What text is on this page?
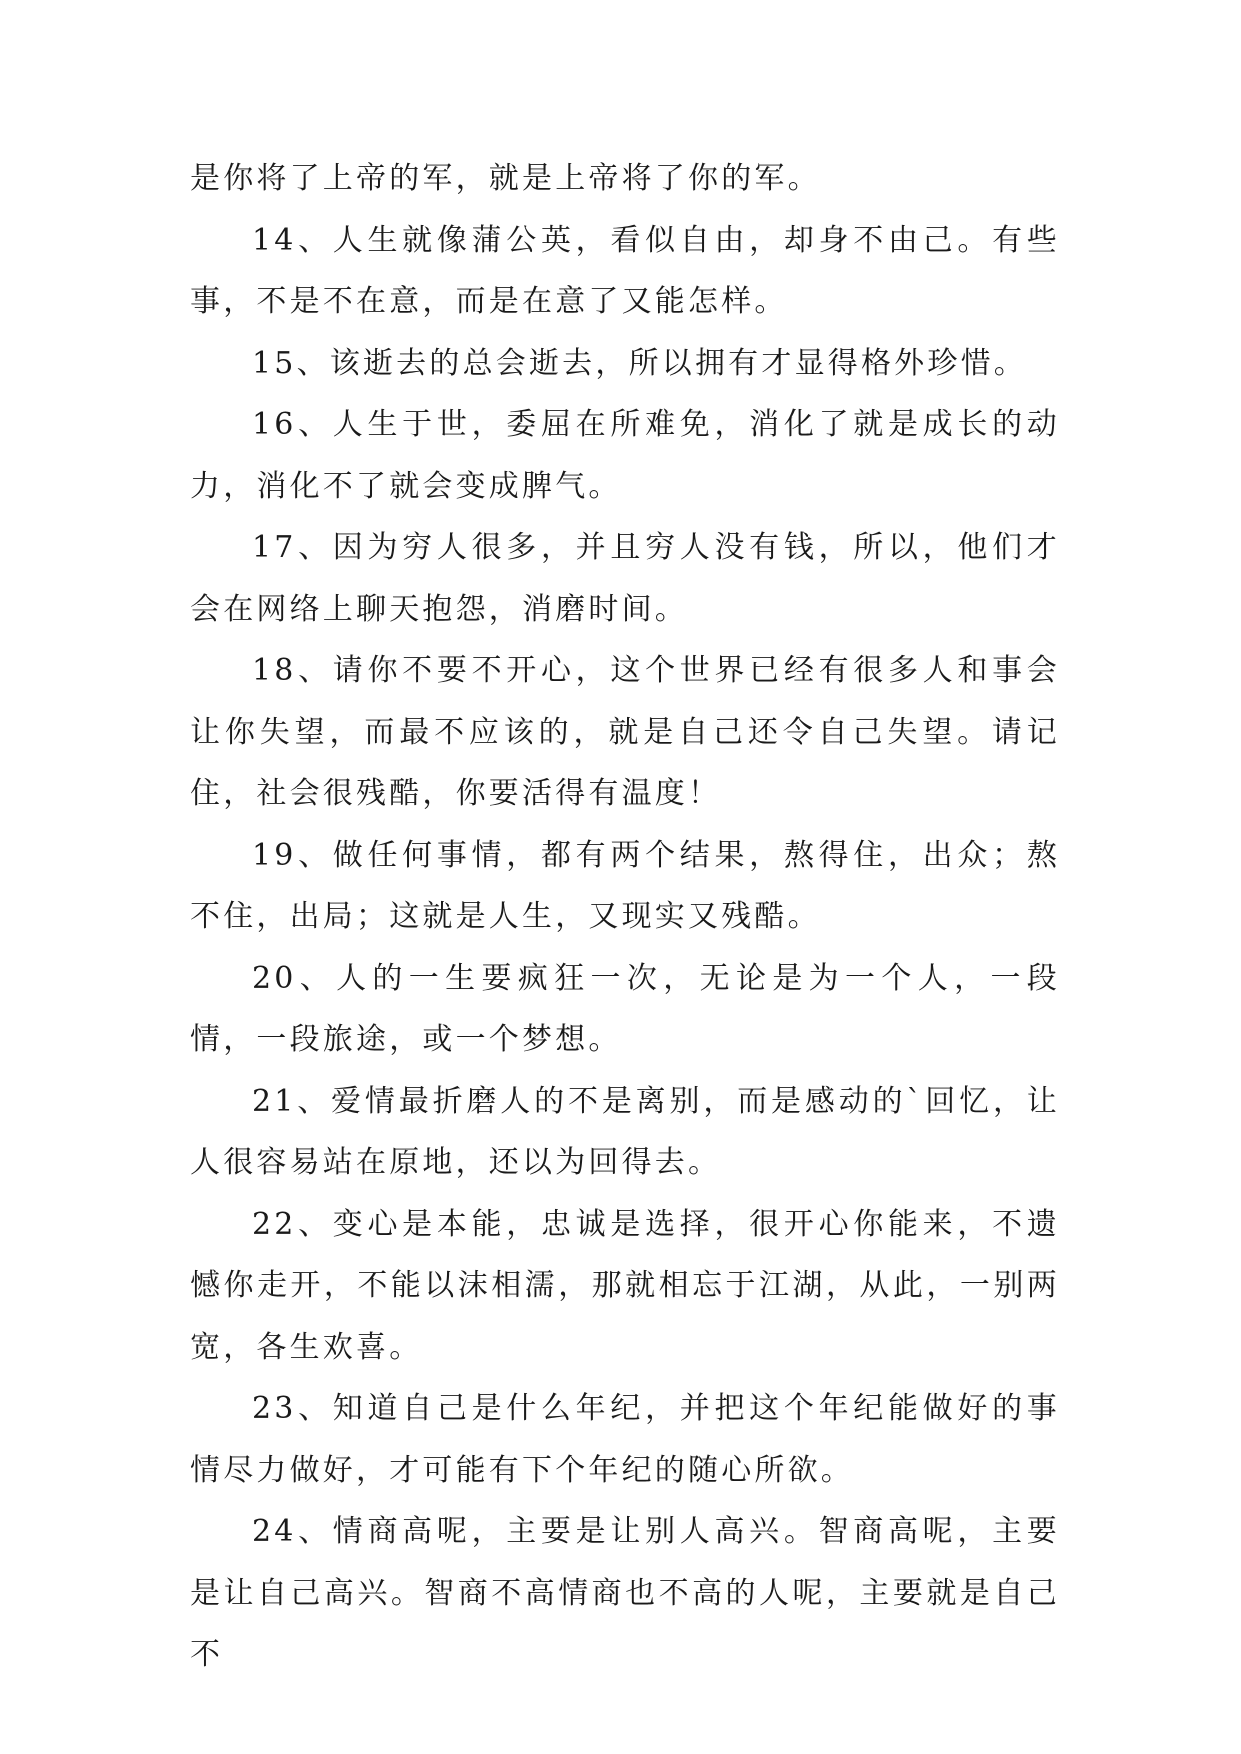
是你将了上帝的军，就是上帝将了你的军。

14、人生就像蒲公英，看似自由，却身不由己。有些事，不是不在意，而是在意了又能怎样。

15、该逝去的总会逝去，所以拥有才显得格外珍惜。

16、人生于世，委屈在所难免，消化了就是成长的动力，消化不了就会变成脾气。

17、因为穷人很多，并且穷人没有钱，所以，他们才会在网络上聊天抱怨，消磨时间。

18、请你不要不开心，这个世界已经有很多人和事会让你失望，而最不应该的，就是自己还令自己失望。请记住，社会很残酷，你要活得有温度！

19、做任何事情，都有两个结果，熬得住，出众；熬不住，出局；这就是人生，又现实又残酷。

20、人的一生要疯狂一次，无论是为一个人，一段情，一段旅途，或一个梦想。

21、爱情最折磨人的不是离别，而是感动的`回忆，让人很容易站在原地，还以为回得去。

22、变心是本能，忠诚是选择，很开心你能来，不遗憾你走开，不能以沫相濡，那就相忘于江湖，从此，一别两宽，各生欢喜。

23、知道自己是什么年纪，并把这个年纪能做好的事情尽力做好，才可能有下个年纪的随心所欲。

24、情商高呢，主要是让别人高兴。智商高呢，主要是让自己高兴。智商不高情商也不高的人呢，主要就是自己不
